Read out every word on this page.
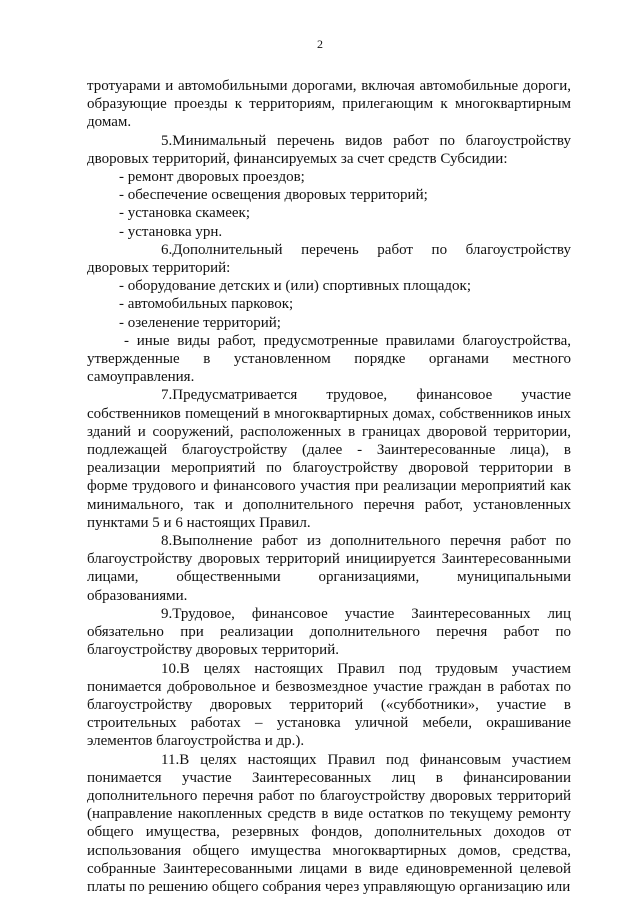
2

тротуарами и автомобильными дорогами, включая автомобильные дороги, образующие проезды к территориям, прилегающим к многоквартирным домам.

5.Минимальный перечень видов работ по благоустройству дворовых территорий, финансируемых за счет средств Субсидии:

- ремонт дворовых проездов;

- обеспечение освещения дворовых территорий;

- установка скамеек;

- установка урн.

6.Дополнительный перечень работ по благоустройству дворовых территорий:

- оборудование детских и (или) спортивных площадок;

- автомобильных парковок;

- озеленение территорий;

- иные виды работ, предусмотренные правилами благоустройства, утвержденные в установленном порядке органами местного самоуправления.

7.Предусматривается трудовое, финансовое участие собственников помещений в многоквартирных домах, собственников иных зданий и сооружений, расположенных в границах дворовой территории, подлежащей благоустройству (далее - Заинтересованные лица), в реализации мероприятий по благоустройству дворовой территории в форме трудового и финансового участия при реализации мероприятий как минимального, так и дополнительного перечня работ, установленных пунктами 5 и 6 настоящих Правил.

8.Выполнение работ из дополнительного перечня работ по благоустройству дворовых территорий инициируется Заинтересованными лицами, общественными организациями, муниципальными образованиями.

9.Трудовое, финансовое участие Заинтересованных лиц обязательно при реализации дополнительного перечня работ по благоустройству дворовых территорий.

10.В целях настоящих Правил под трудовым участием понимается добровольное и безвозмездное участие граждан в работах по благоустройству дворовых территорий («субботники», участие в строительных работах – установка уличной мебели, окрашивание элементов благоустройства и др.).

11.В целях настоящих Правил под финансовым участием понимается участие Заинтересованных лиц в финансировании дополнительного перечня работ по благоустройству дворовых территорий (направление накопленных средств в виде остатков по текущему ремонту общего имущества, резервных фондов, дополнительных доходов от использования общего имущества многоквартирных домов, средства, собранные Заинтересованными лицами в виде единовременной целевой платы по решению общего собрания через управляющую организацию или
